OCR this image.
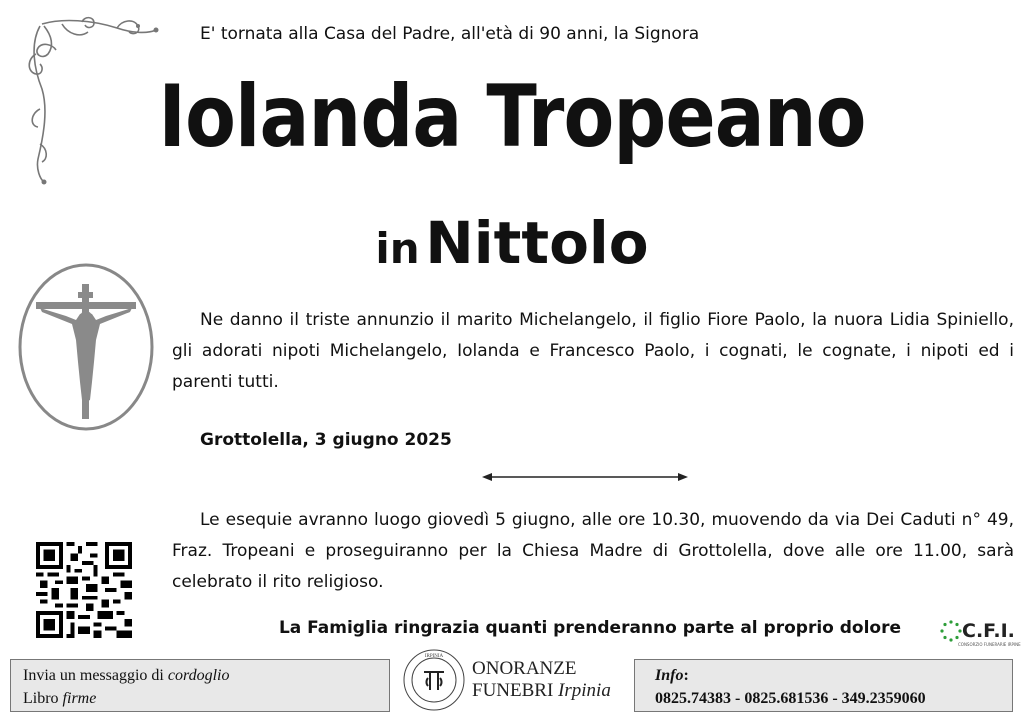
E' tornata alla Casa del Padre, all'età di 90 anni, la Signora
Iolanda Tropeano
in Nittolo
Ne danno il triste annunzio il marito Michelangelo, il figlio Fiore Paolo, la nuora Lidia Spiniello, gli adorati nipoti Michelangelo, Iolanda e Francesco Paolo, i cognati, le cognate, i nipoti ed i parenti tutti.
Grottolella, 3 giugno 2025
Le esequie avranno luogo giovedì 5 giugno, alle ore 10.30, muovendo da via Dei Caduti n° 49, Fraz. Tropeani e proseguiranno per la Chiesa Madre di Grottolella, dove alle ore 11.00, sarà celebrato il rito religioso.
La Famiglia ringrazia quanti prenderanno parte al proprio dolore	C.F.I.
CONSORZIO FUNERARIE IRPINE
Invia un messaggio di cordoglio
Libro firme
IRPINIA
ONORANZE
FUNEBRI Irpinia
Info:
0825.74383 - 0825.681536 - 349.2359060
